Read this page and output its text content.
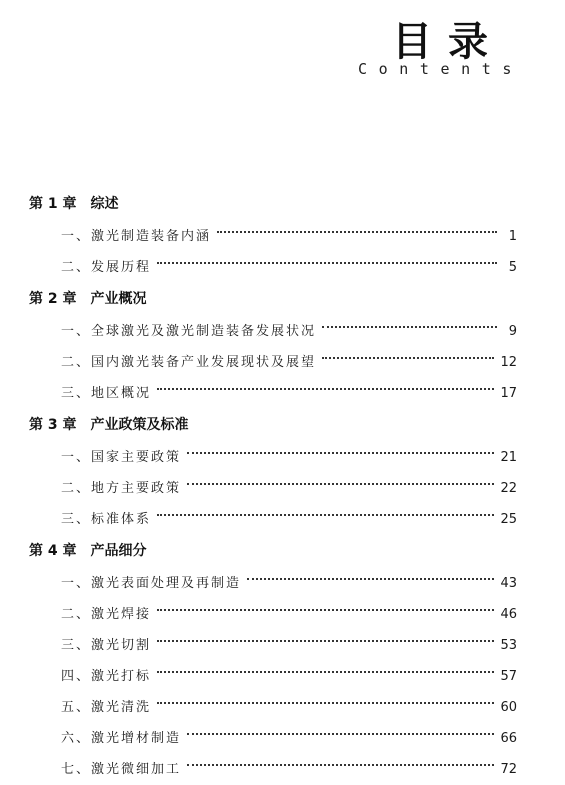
目录
Contents
第 1 章 综述
一、激光制造装备内涵	1
二、发展历程	5
第 2 章 产业概况
一、全球激光及激光制造装备发展状况	9
二、国内激光装备产业发展现状及展望	12
三、地区概况	17
第 3 章 产业政策及标准
一、国家主要政策	21
二、地方主要政策	22
三、标准体系	25
第 4 章 产品细分
一、激光表面处理及再制造	43
二、激光焊接	46
三、激光切割	53
四、激光打标	57
五、激光清洗	60
六、激光增材制造	66
七、激光微细加工	72
